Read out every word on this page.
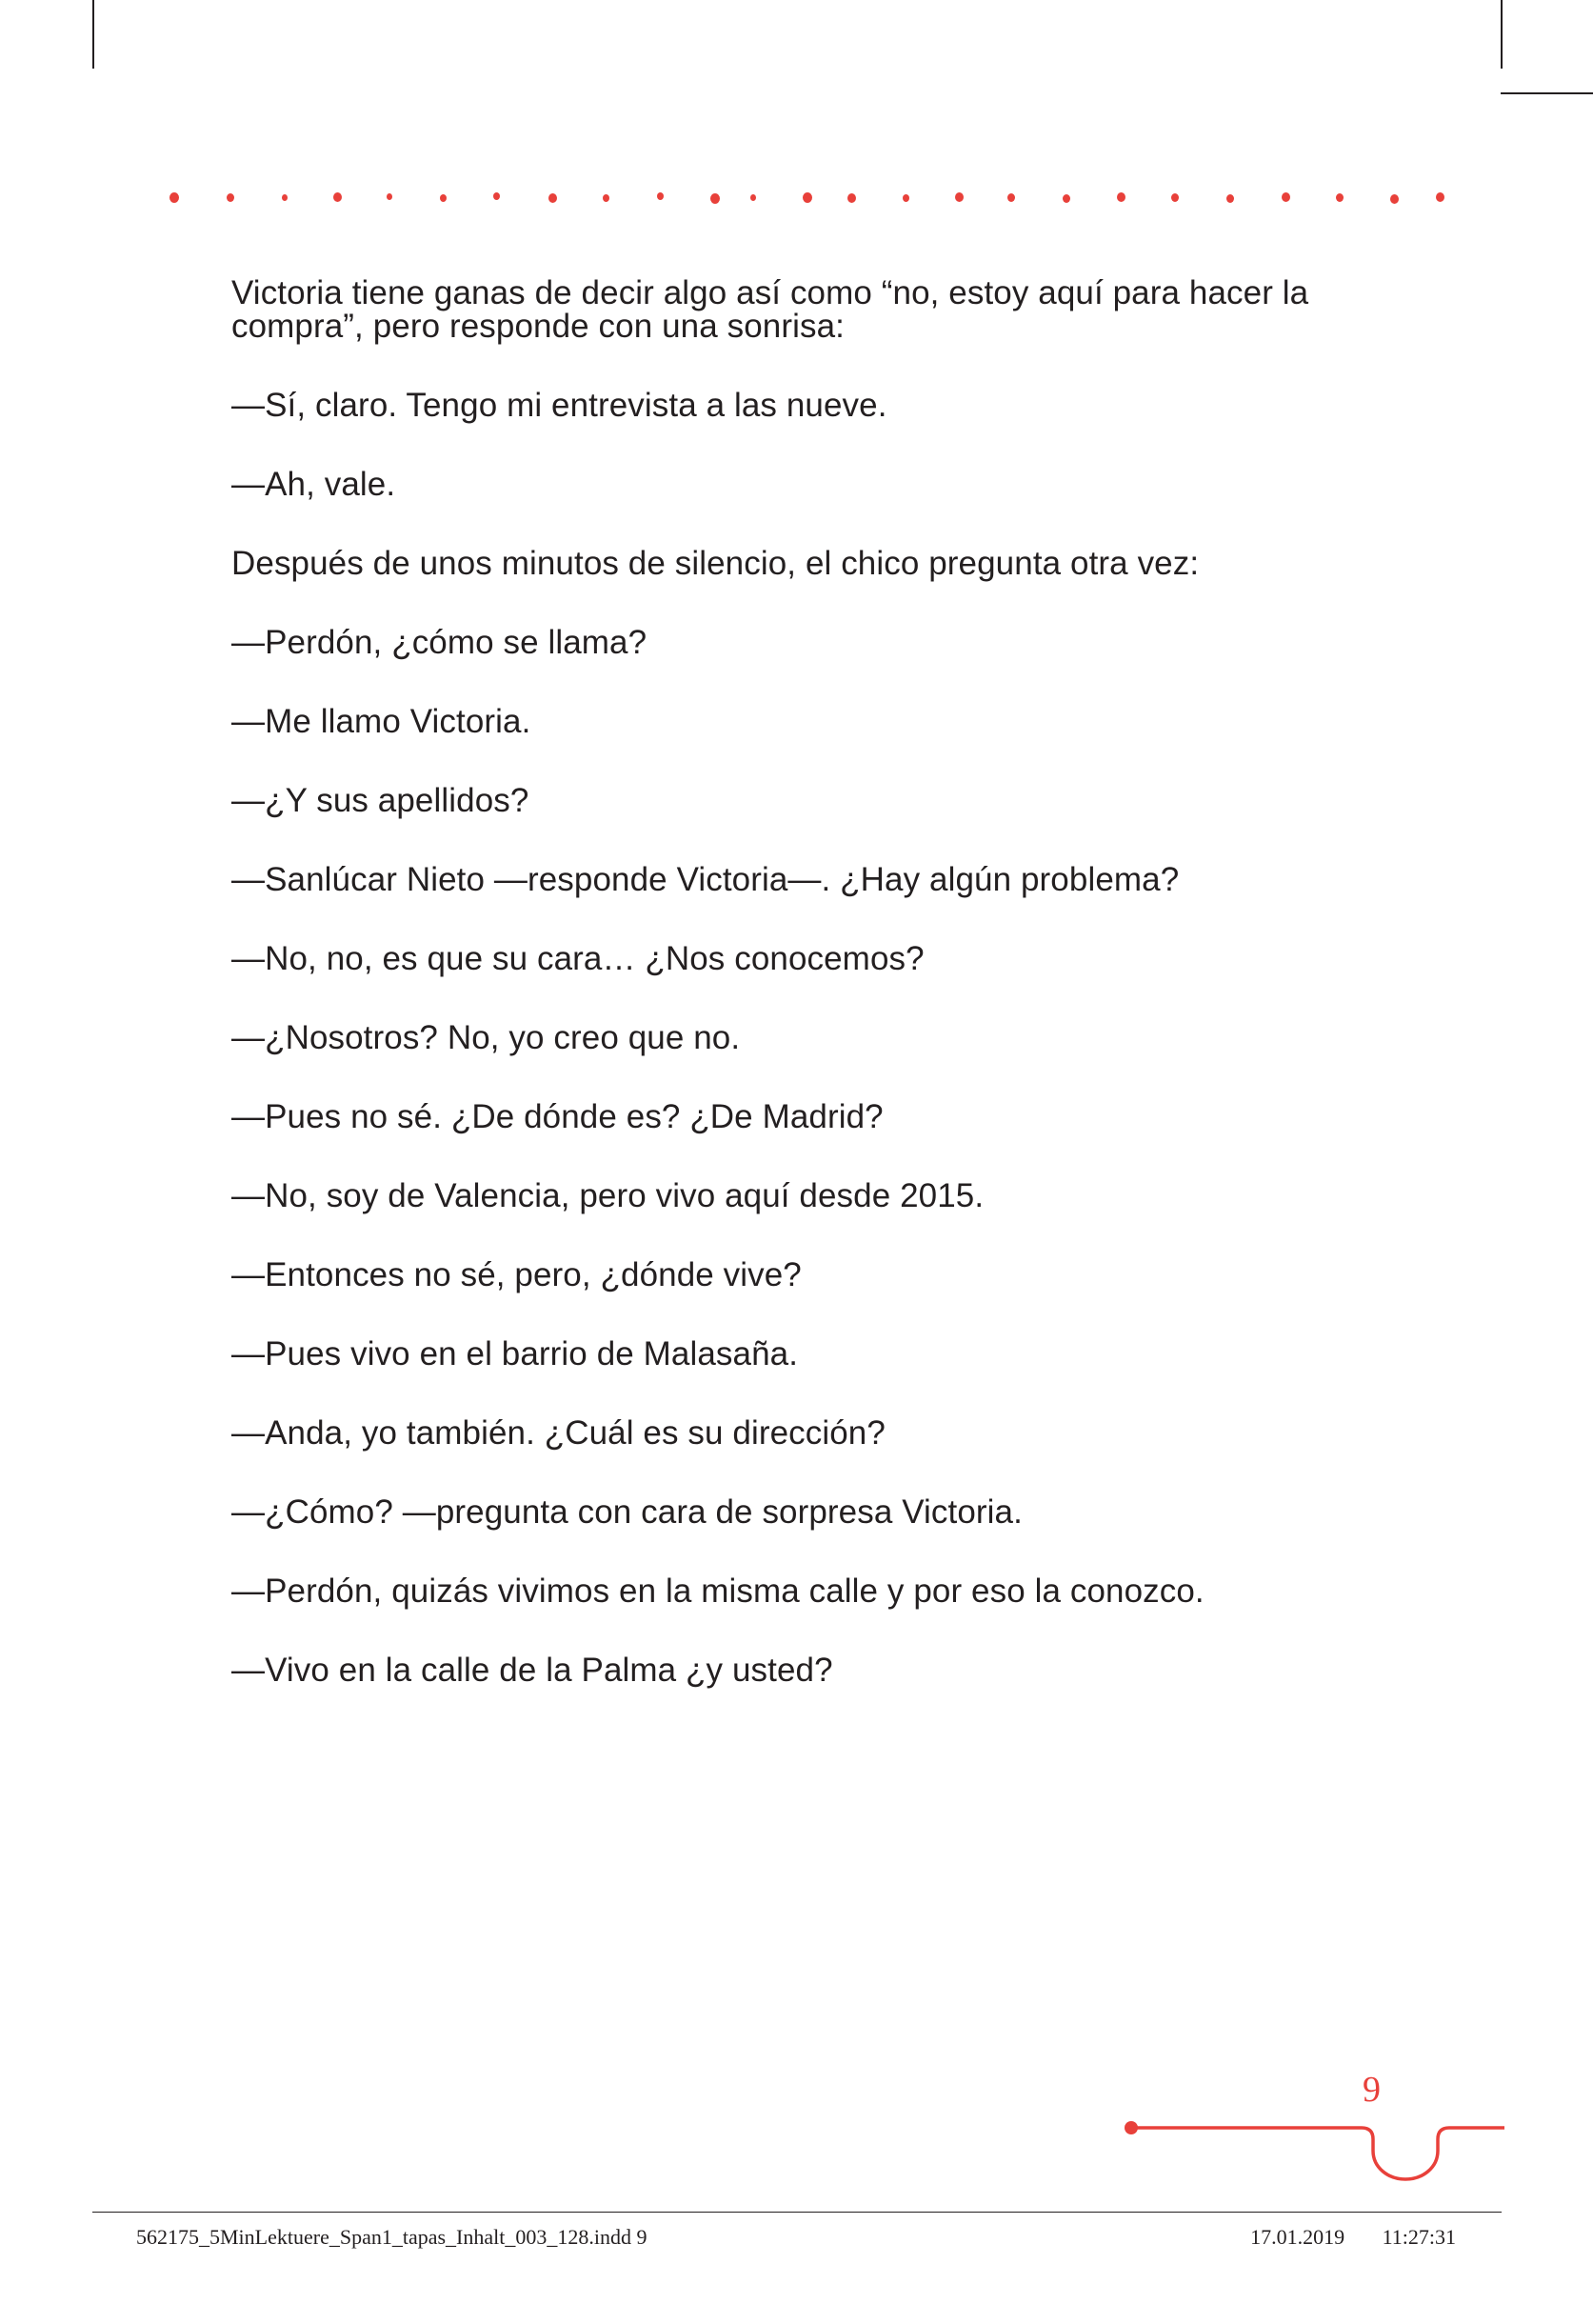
Victoria tiene ganas de decir algo así como “no, estoy aquí para hacer la compra”, pero responde con una sonrisa:

—Sí, claro. Tengo mi entrevista a las nueve.

—Ah, vale.

Después de unos minutos de silencio, el chico pregunta otra vez:

—Perdón, ¿cómo se llama?

—Me llamo Victoria.

—¿Y sus apellidos?

—Sanlúcar Nieto —responde Victoria—. ¿Hay algún problema?

—No, no, es que su cara… ¿Nos conocemos?

—¿Nosotros? No, yo creo que no.

—Pues no sé. ¿De dónde es? ¿De Madrid?

—No, soy de Valencia, pero vivo aquí desde 2015.

—Entonces no sé, pero, ¿dónde vive?

—Pues vivo en el barrio de Malasaña.

—Anda, yo también. ¿Cuál es su dirección?

—¿Cómo? —pregunta con cara de sorpresa Victoria.

—Perdón, quizás vivimos en la misma calle y por eso la conozco.

—Vivo en la calle de la Palma ¿y usted?

9
562175_5MinLektuere_Span1_tapas_Inhalt_003_128.indd 9	17.01.2019 11:27:31
